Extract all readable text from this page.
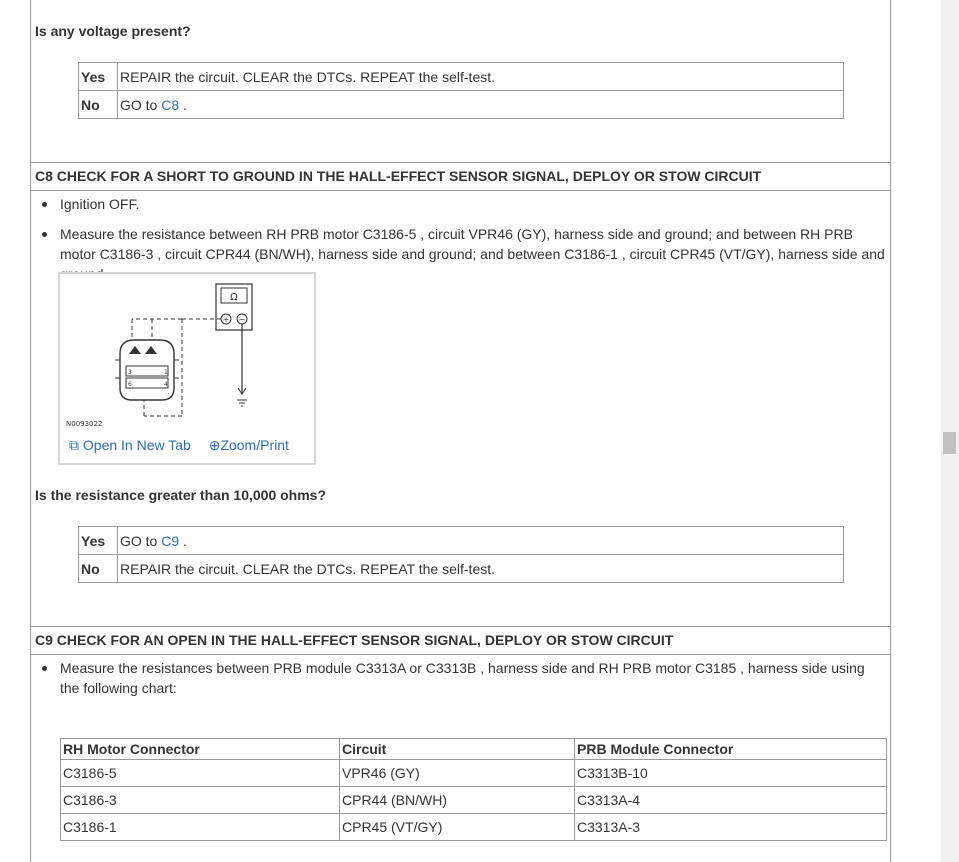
Is any voltage present?
Yes	REPAIR the circuit. CLEAR the DTCs. REPEAT the self-test.
No	GO to C8 .
C8 CHECK FOR A SHORT TO GROUND IN THE HALL-EFFECT SENSOR SIGNAL, DEPLOY OR STOW CIRCUIT
Ignition OFF.
Measure the resistance between RH PRB motor C3186-5 , circuit VPR46 (GY), harness side and ground; and between RH PRB motor C3186-3 , circuit CPR44 (BN/WH), harness side and ground; and between C3186-1 , circuit CPR45 (VT/GY), harness side and
Ω
+ −
3	1
6	4
N0093022
⧉ Open In New Tab ⊕Zoom/Print
Is the resistance greater than 10,000 ohms?
Yes	GO to C9 .
No	REPAIR the circuit. CLEAR the DTCs. REPEAT the self-test.
C9 CHECK FOR AN OPEN IN THE HALL-EFFECT SENSOR SIGNAL, DEPLOY OR STOW CIRCUIT
Measure the resistances between PRB module C3313A or C3313B , harness side and RH PRB motor C3185 , harness side using the following chart:
RH Motor Connector	Circuit	PRB Module Connector
C3186-5	VPR46 (GY)	C3313B-10
C3186-3	CPR44 (BN/WH)	C3313A-4
C3186-1	CPR45 (VT/GY)	C3313A-3
